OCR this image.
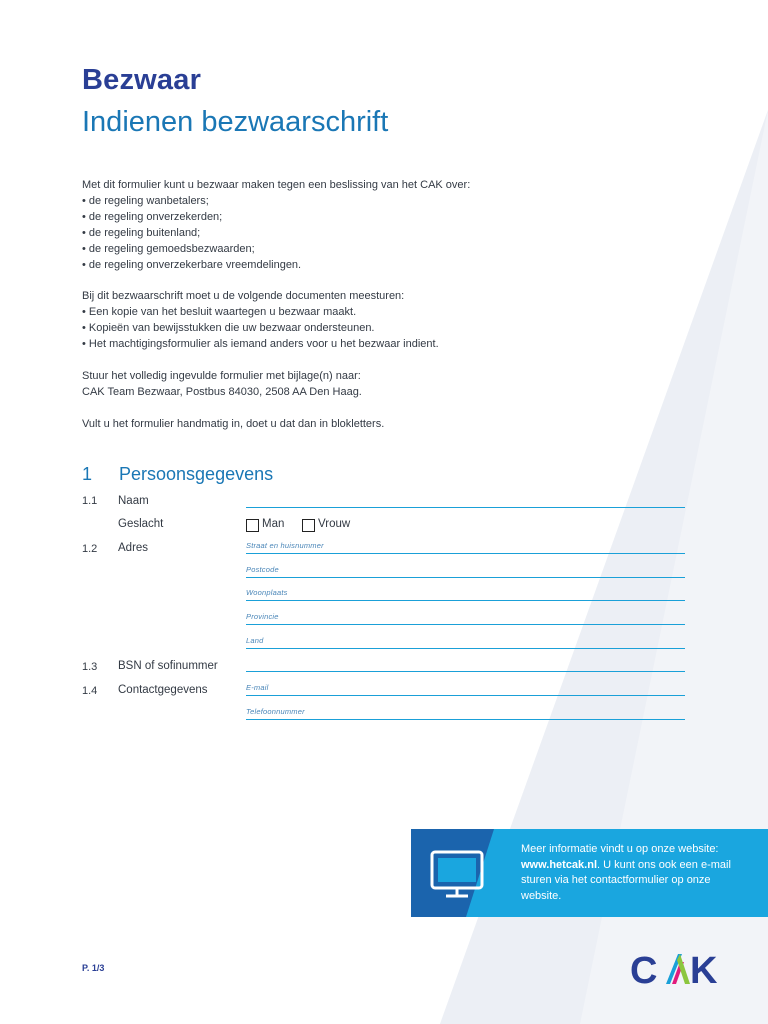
Bezwaar
Indienen bezwaarschrift

Met dit formulier kunt u bezwaar maken tegen een beslissing van het CAK over:

• de regeling wanbetalers;
• de regeling onverzekerden;
• de regeling buitenland;
• de regeling gemoedsbezwaarden;
• de regeling onverzekerbare vreemdelingen.

Bij dit bezwaarschrift moet u de volgende documenten meesturen:

• Een kopie van het besluit waartegen u bezwaar maakt.
• Kopieën van bewijsstukken die uw bezwaar ondersteunen.
• Het machtigingsformulier als iemand anders voor u het bezwaar indient.

Stuur het volledig ingevulde formulier met bijlage(n) naar:

CAK Team Bezwaar, Postbus 84030, 2508 AA Den Haag.

Vult u het formulier handmatig in, doet u dat dan in blokletters.

1 Persoonsgegevens
1.1 Naam
Geslacht	Man	Vrouw
1.2 Adres	Straat en huisnummer
Postcode
Woonplaats
Provincie
Land
1.3 BSN of sofinummer
1.4 Contactgegevens	E-mail
Telefoonnummer
Meer informatie vindt u op onze website: www.hetcak.nl. U kunt ons ook een e-mail sturen via het contactformulier op onze website.
P. 1/3	C K
